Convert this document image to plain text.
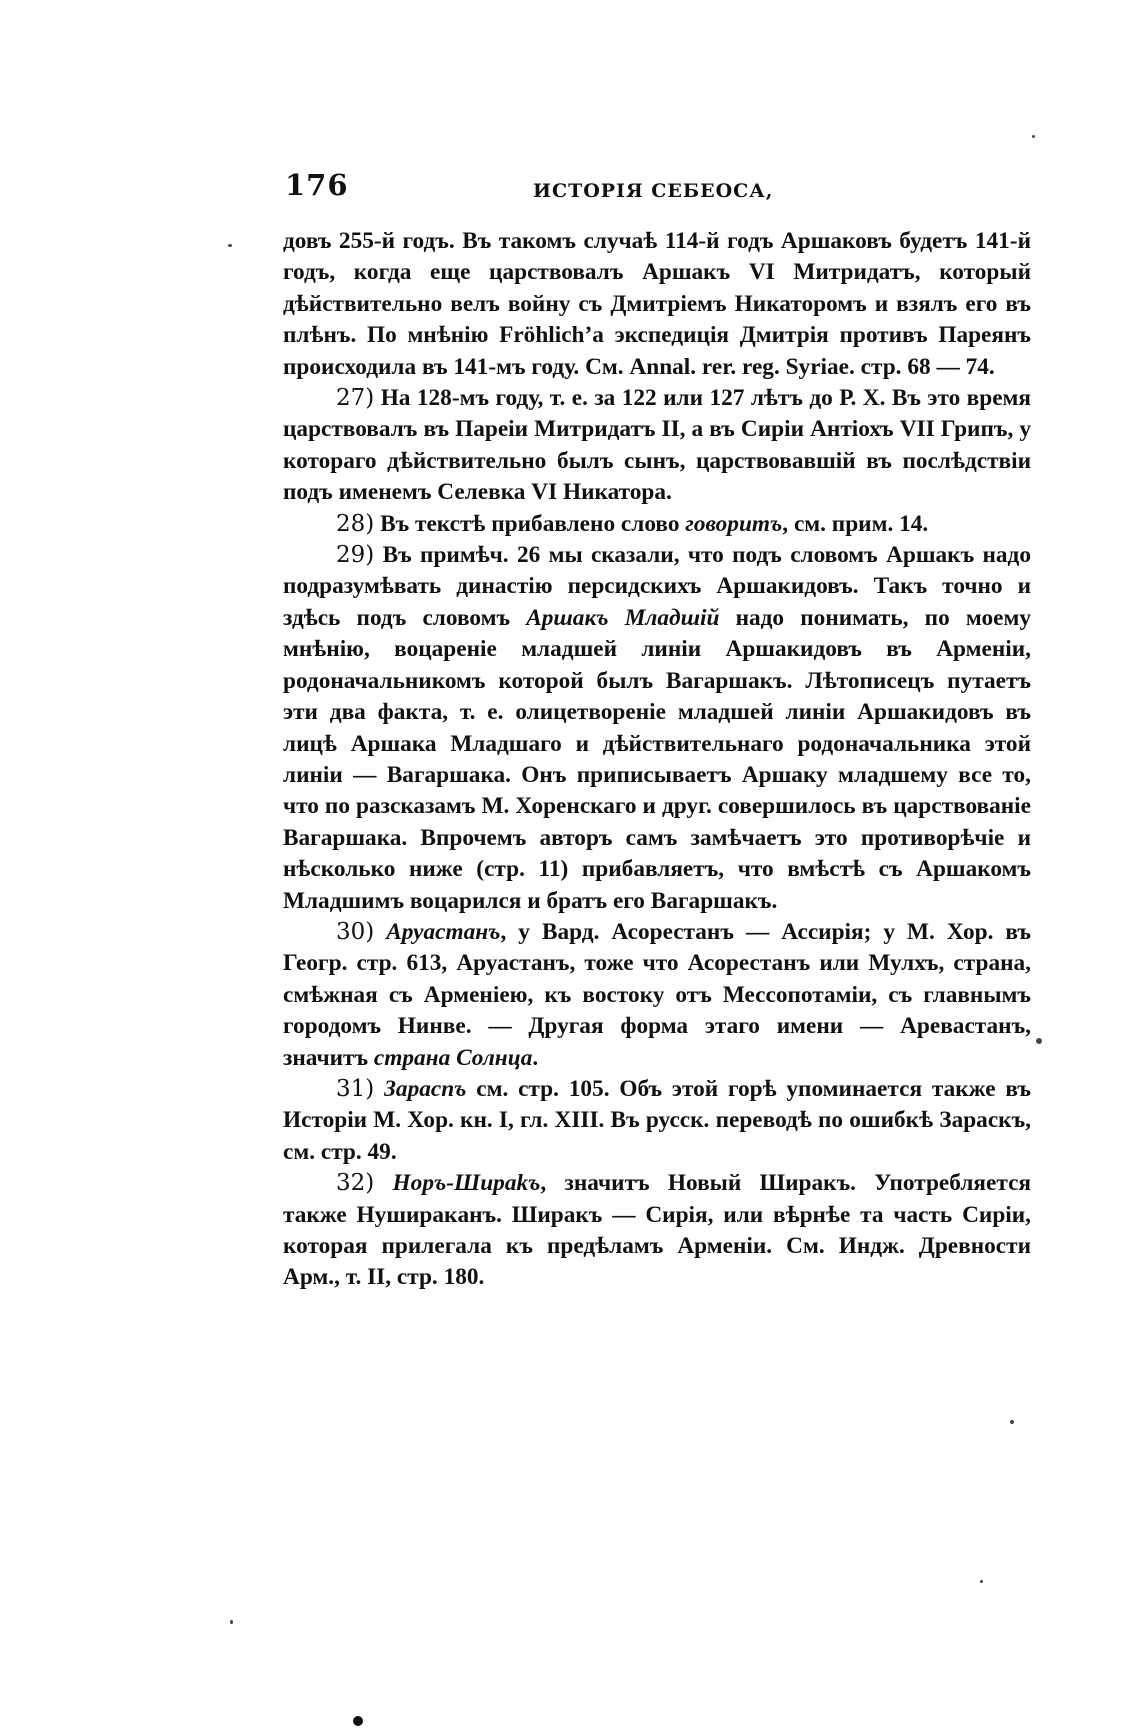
176	ИСТОРІЯ СЕБЕОСА,

довъ 255-й годъ. Въ такомъ случаѣ 114-й годъ Аршаковъ будетъ 141-й годъ, когда еще царствовалъ Аршакъ VI Митридатъ, который дѣйствительно велъ войну съ Дмитріемъ Никаторомъ и взялъ его въ плѣнъ. По мнѣнію Fröhlich’а экспедиція Дмитрія противъ Пареянъ происходила въ 141-мъ году. См. Annal. rer. reg. Syriae. стр. 68 — 74.

27) На 128-мъ году, т. е. за 122 или 127 лѣтъ до Р. Х. Въ это время царствовалъ въ Пареіи Митридатъ II, а въ Сиріи Антіохъ VII Грипъ, у котораго дѣйствительно былъ сынъ, царствовавшій въ послѣдствіи подъ именемъ Селевка VI Никатора.

28) Въ текстѣ прибавлено слово говоритъ, см. прим. 14.

29) Въ примѣч. 26 мы сказали, что подъ словомъ Аршакъ надо подразумѣвать династію персидскихъ Аршакидовъ. Такъ точно и здѣсь подъ словомъ Аршакъ Младшій надо понимать, по моему мнѣнію, воцареніе младшей линіи Аршакидовъ въ Арменіи, родоначальникомъ которой былъ Вагаршакъ. Лѣтописецъ путаетъ эти два факта, т. е. олицетвореніе младшей линіи Аршакидовъ въ лицѣ Аршака Младшаго и дѣйствительнаго родоначальника этой линіи — Вагаршака. Онъ приписываетъ Аршаку младшему все то, что по разсказамъ М. Хоренскаго и друг. совершилось въ царствованіе Вагаршака. Впрочемъ авторъ самъ замѣчаетъ это противорѣчіе и нѣсколько ниже (стр. 11) прибавляетъ, что вмѣстѣ съ Аршакомъ Младшимъ воцарился и братъ его Вагаршакъ.

30) Аруастанъ, у Вард. Асорестанъ — Ассирія; у М. Хор. въ Геогр. стр. 613, Аруастанъ, тоже что Асорестанъ или Мулхъ, страна, смѣжная съ Арменіею, къ востоку отъ Мессопотаміи, съ главнымъ городомъ Нинве. — Другая форма этаго имени — Аревастанъ, значитъ страна Солнца.

31) Зараспъ см. стр. 105. Объ этой горѣ упоминается также въ Исторіи М. Хор. кн. I, гл. XIII. Въ русск. переводѣ по ошибкѣ Зараскъ, см. стр. 49.

32) Норъ-Шираkъ, значитъ Новый Ширакъ. Употребляется также Нуширакaнъ. Ширакъ — Сирія, или вѣрнѣе та часть Сиріи, которая прилегала къ предѣламъ Арменіи. См. Индж. Древности Арм., т. II, стр. 180.
